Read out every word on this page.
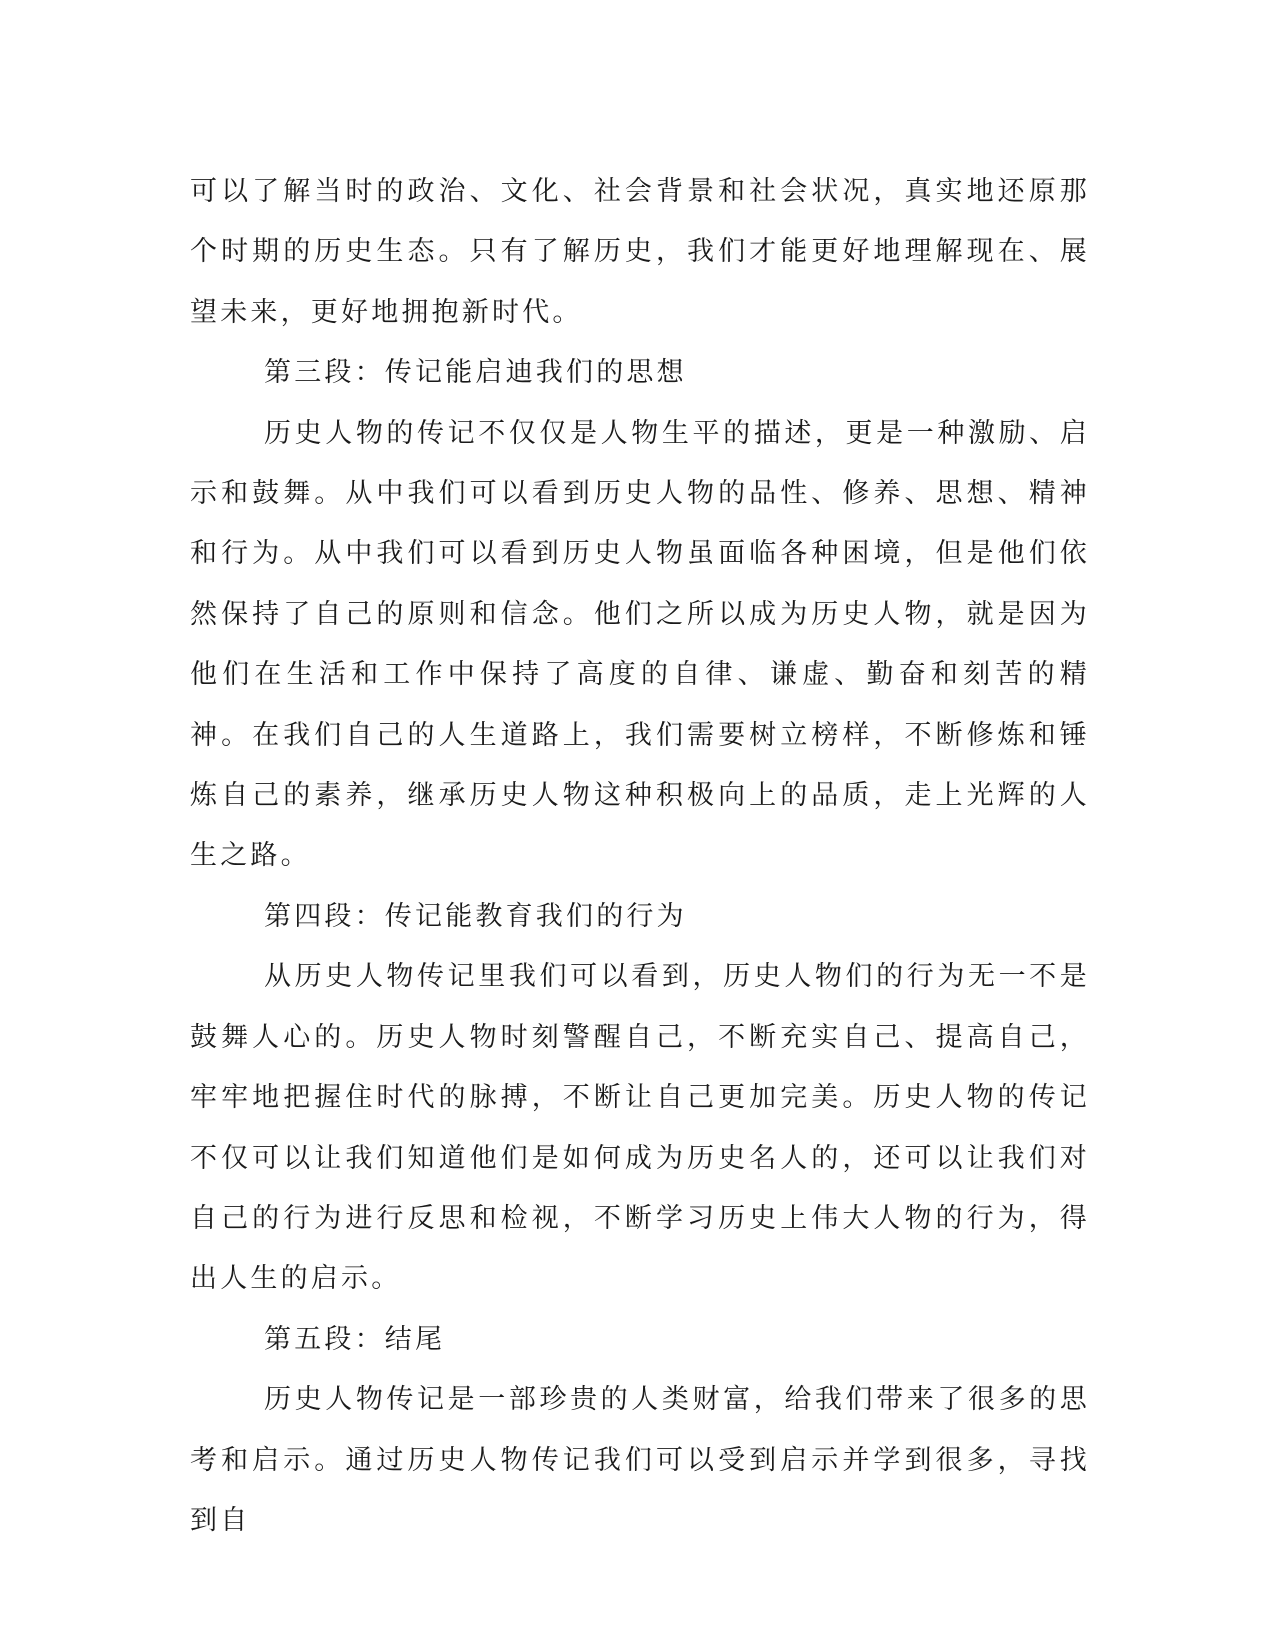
可以了解当时的政治、文化、社会背景和社会状况，真实地还原那个时期的历史生态。只有了解历史，我们才能更好地理解现在、展望未来，更好地拥抱新时代。

第三段：传记能启迪我们的思想

历史人物的传记不仅仅是人物生平的描述，更是一种激励、启示和鼓舞。从中我们可以看到历史人物的品性、修养、思想、精神和行为。从中我们可以看到历史人物虽面临各种困境，但是他们依然保持了自己的原则和信念。他们之所以成为历史人物，就是因为他们在生活和工作中保持了高度的自律、谦虚、勤奋和刻苦的精神。在我们自己的人生道路上，我们需要树立榜样，不断修炼和锤炼自己的素养，继承历史人物这种积极向上的品质，走上光辉的人生之路。

第四段：传记能教育我们的行为

从历史人物传记里我们可以看到，历史人物们的行为无一不是鼓舞人心的。历史人物时刻警醒自己，不断充实自己、提高自己，牢牢地把握住时代的脉搏，不断让自己更加完美。历史人物的传记不仅可以让我们知道他们是如何成为历史名人的，还可以让我们对自己的行为进行反思和检视，不断学习历史上伟大人物的行为，得出人生的启示。

第五段：结尾

历史人物传记是一部珍贵的人类财富，给我们带来了很多的思考和启示。通过历史人物传记我们可以受到启示并学到很多，寻找到自
